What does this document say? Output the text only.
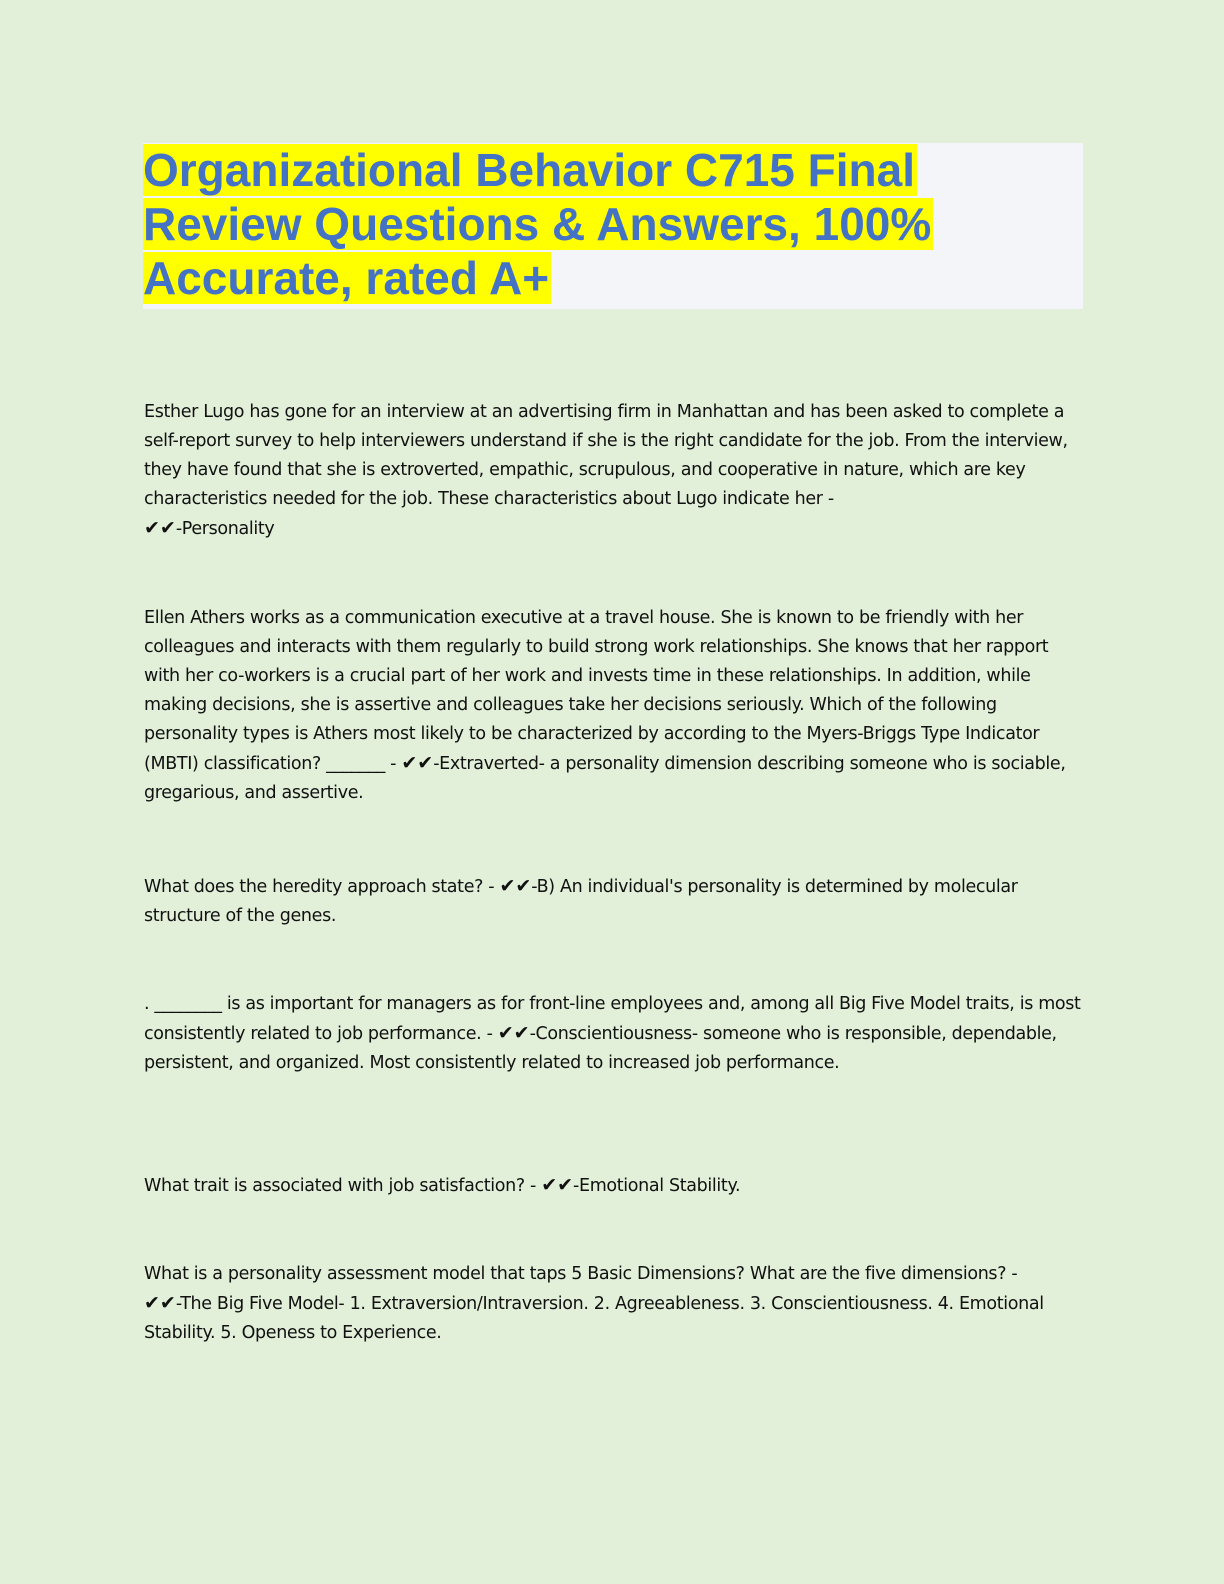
Organizational Behavior C715 Final Review Questions & Answers, 100% Accurate, rated A+

Esther Lugo has gone for an interview at an advertising firm in Manhattan and has been asked to complete a self-report survey to help interviewers understand if she is the right candidate for the job. From the interview, they have found that she is extroverted, empathic, scrupulous, and cooperative in nature, which are key characteristics needed for the job. These characteristics about Lugo indicate her -
✔✔-Personality

Ellen Athers works as a communication executive at a travel house. She is known to be friendly with her colleagues and interacts with them regularly to build strong work relationships. She knows that her rapport with her co-workers is a crucial part of her work and invests time in these relationships. In addition, while making decisions, she is assertive and colleagues take her decisions seriously. Which of the following personality types is Athers most likely to be characterized by according to the Myers-Briggs Type Indicator (MBTI) classification? _______ - ✔✔-Extraverted- a personality dimension describing someone who is sociable, gregarious, and assertive.

What does the heredity approach state? - ✔✔-B) An individual's personality is determined by molecular structure of the genes.

. ________ is as important for managers as for front-line employees and, among all Big Five Model traits, is most consistently related to job performance. - ✔✔-Conscientiousness- someone who is responsible, dependable, persistent, and organized. Most consistently related to increased job performance.

What trait is associated with job satisfaction? - ✔✔-Emotional Stability.

What is a personality assessment model that taps 5 Basic Dimensions? What are the five dimensions? -
✔✔-The Big Five Model- 1. Extraversion/Intraversion. 2. Agreeableness. 3. Conscientiousness. 4. Emotional Stability. 5. Openess to Experience.
